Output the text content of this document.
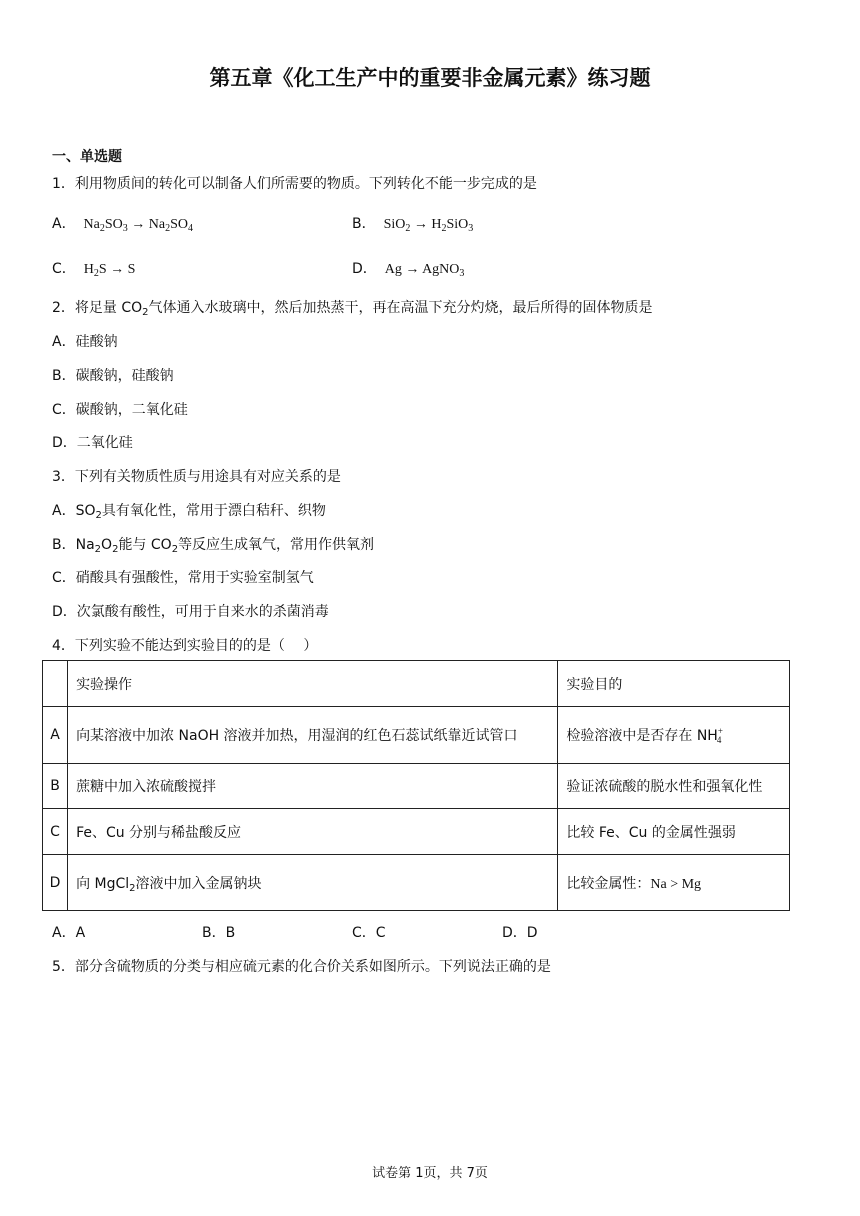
第五章《化工生产中的重要非金属元素》练习题
一、单选题
1．利用物质间的转化可以制备人们所需要的物质。下列转化不能一步完成的是
A．  $Na_2SO_3 \to Na_2SO_4$	B．  $SiO_2 \to H_2SiO_3$
C．  $H_2S \to S$	D．  Ag → AgNO$_3$
2．将足量 $CO_2$气体通入水玻璃中，然后加热蒸干，再在高温下充分灼烧，最后所得的固体物质是
A．硅酸钠
B．碳酸钠，硅酸钠
C．碳酸钠，二氧化硅
D．二氧化硅
3．下列有关物质性质与用途具有对应关系的是
A．$SO_2$具有氧化性，常用于漂白秸秆、织物
B．$Na_2O_2$能与 $CO_2$等反应生成氧气，常用作供氧剂
C．硝酸具有强酸性，常用于实验室制氢气
D．次氯酸有酸性，可用于自来水的杀菌消毒
4．下列实验不能达到实验目的的是（　 ）
	实验操作	实验目的
A	向某溶液中加浓 NaOH 溶液并加热，用湿润的红色石蕊试纸靠近试管口	检验溶液中是否存在 $NH^+_4$
B	蔗糖中加入浓硫酸搅拌	验证浓硫酸的脱水性和强氧化性
C	Fe、Cu 分别与稀盐酸反应	比较 Fe、Cu 的金属性强弱
D	向 MgCl$_2$溶液中加入金属钠块	比较金属性：Na > Mg
A．A	B．B	C．C	D．D
5．部分含硫物质的分类与相应硫元素的化合价关系如图所示。下列说法正确的是
试卷第 1页，共 7页
